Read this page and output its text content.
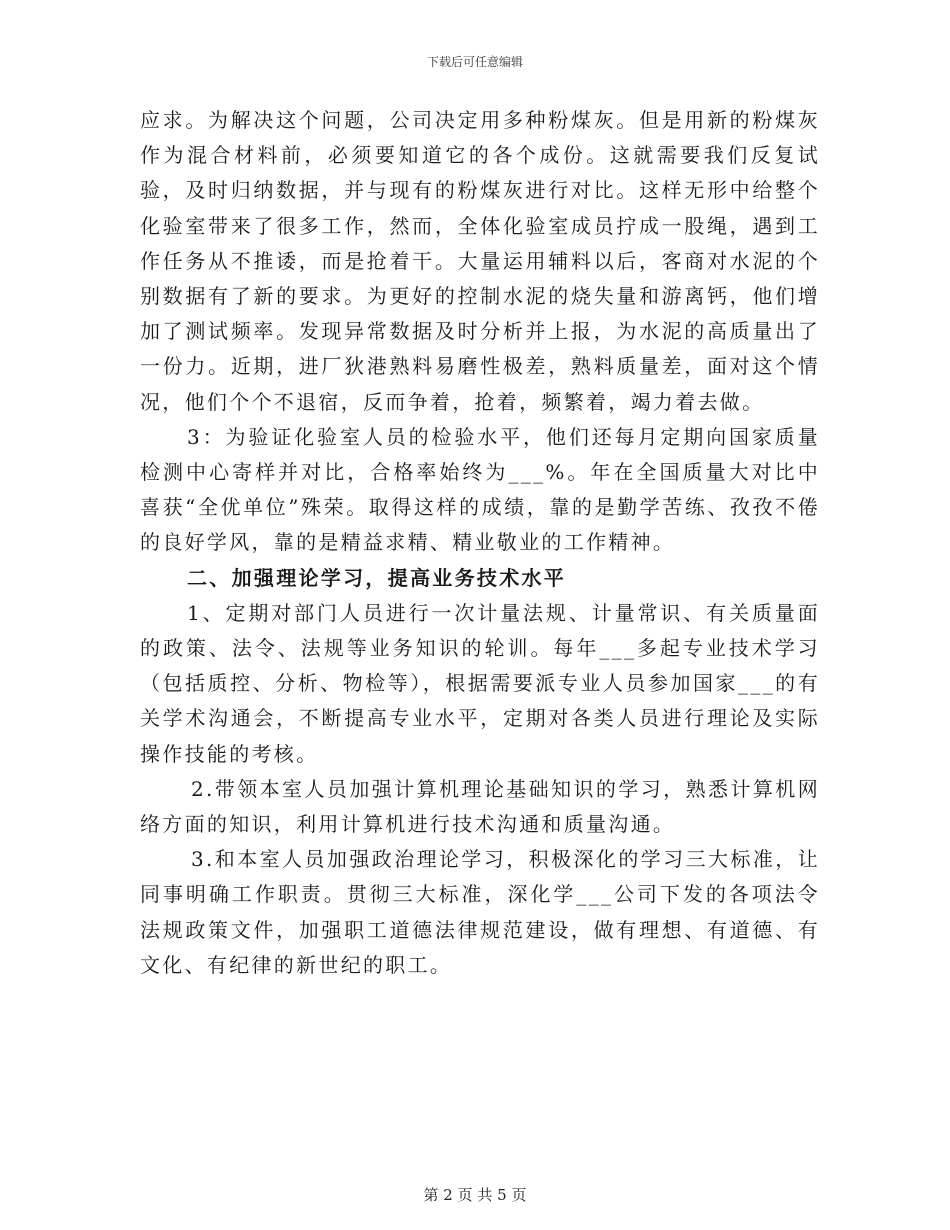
下载后可任意编辑

应求。为解决这个问题，公司决定用多种粉煤灰。但是用新的粉煤灰作为混合材料前，必须要知道它的各个成份。这就需要我们反复试验，及时归纳数据，并与现有的粉煤灰进行对比。这样无形中给整个化验室带来了很多工作，然而，全体化验室成员拧成一股绳，遇到工作任务从不推诿，而是抢着干。大量运用辅料以后，客商对水泥的个别数据有了新的要求。为更好的控制水泥的烧失量和游离钙，他们增加了测试频率。发现异常数据及时分析并上报，为水泥的高质量出了一份力。近期，进厂狄港熟料易磨性极差，熟料质量差，面对这个情况，他们个个不退宿，反而争着，抢着，频繁着，竭力着去做。

3：为验证化验室人员的检验水平，他们还每月定期向国家质量检测中心寄样并对比，合格率始终为___%。年在全国质量大对比中喜获“全优单位”殊荣。取得这样的成绩，靠的是勤学苦练、孜孜不倦的良好学风，靠的是精益求精、精业敬业的工作精神。

二、加强理论学习，提高业务技术水平

1、定期对部门人员进行一次计量法规、计量常识、有关质量面的政策、法令、法规等业务知识的轮训。每年___多起专业技术学习（包括质控、分析、物检等），根据需要派专业人员参加国家___的有关学术沟通会，不断提高专业水平，定期对各类人员进行理论及实际操作技能的考核。

2.带领本室人员加强计算机理论基础知识的学习，熟悉计算机网络方面的知识，利用计算机进行技术沟通和质量沟通。

3.和本室人员加强政治理论学习，积极深化的学习三大标准，让同事明确工作职责。贯彻三大标准，深化学___公司下发的各项法令法规政策文件，加强职工道德法律规范建设，做有理想、有道德、有文化、有纪律的新世纪的职工。

第 2 页 共 5 页
